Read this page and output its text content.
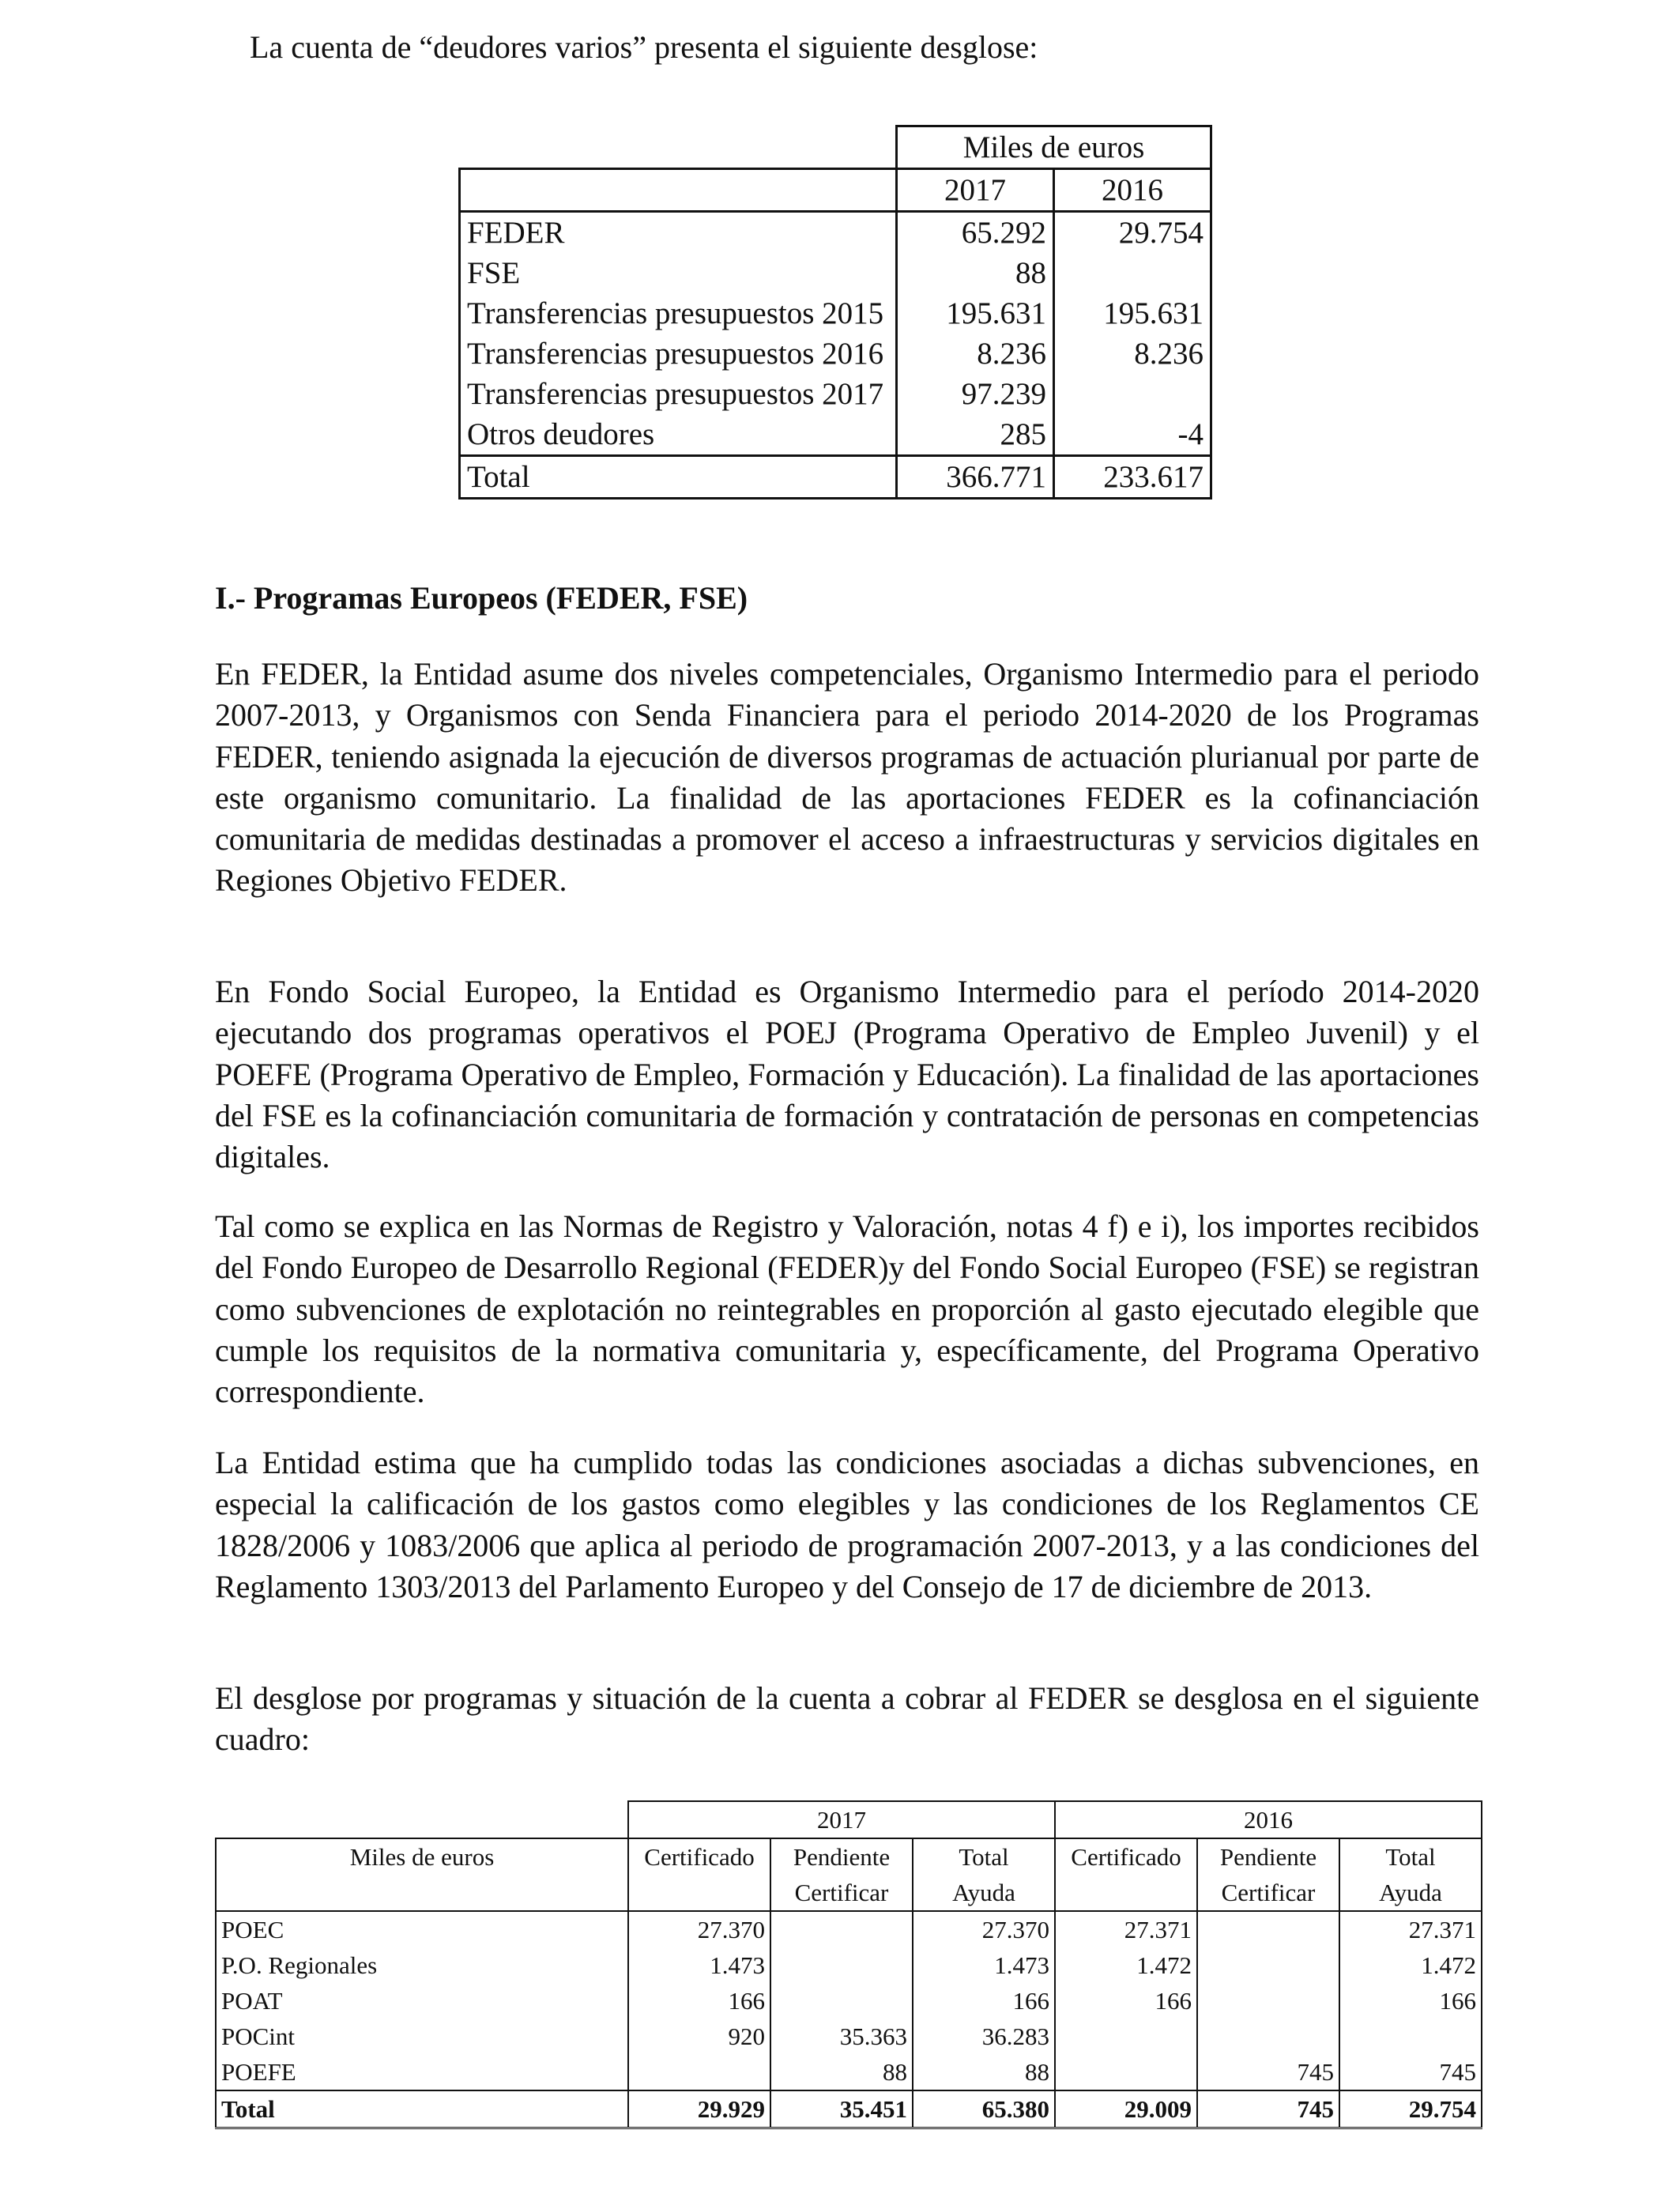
La cuenta de “deudores varios” presenta el siguiente desglose:
	Miles de euros	
	2017	2016
FEDER	65.292	29.754
FSE	88	
Transferencias presupuestos 2015	195.631	195.631
Transferencias presupuestos 2016	8.236	8.236
Transferencias presupuestos 2017	97.239	
Otros deudores	285	-4
Total	366.771	233.617
I.- Programas Europeos (FEDER, FSE)

En FEDER, la Entidad asume dos niveles competenciales, Organismo Intermedio para el periodo 2007-2013, y Organismos con Senda Financiera para el periodo 2014-2020 de los Programas FEDER, teniendo asignada la ejecución de diversos programas de actuación plurianual por parte de este organismo comunitario. La finalidad de las aportaciones FEDER es la cofinanciación comunitaria de medidas destinadas a promover el acceso a infraestructuras y servicios digitales en Regiones Objetivo FEDER.

En Fondo Social Europeo, la Entidad es Organismo Intermedio para el período 2014-2020 ejecutando dos programas operativos el POEJ (Programa Operativo de Empleo Juvenil) y el POEFE (Programa Operativo de Empleo, Formación y Educación). La finalidad de las aportaciones del FSE es la cofinanciación comunitaria de formación y contratación de personas en competencias digitales.

Tal como se explica en las Normas de Registro y Valoración, notas 4 f) e i), los importes recibidos del Fondo Europeo de Desarrollo Regional (FEDER)y del Fondo Social Europeo (FSE) se registran como subvenciones de explotación no reintegrables en proporción al gasto ejecutado elegible que cumple los requisitos de la normativa comunitaria y, específicamente, del Programa Operativo correspondiente.

La Entidad estima que ha cumplido todas las condiciones asociadas a dichas subvenciones, en especial la calificación de los gastos como elegibles y las condiciones de los Reglamentos CE 1828/2006 y 1083/2006 que aplica al periodo de programación 2007-2013, y a las condiciones del Reglamento 1303/2013 del Parlamento Europeo y del Consejo de 17 de diciembre de 2013.

El desglose por programas y situación de la cuenta a cobrar al FEDER se desglosa en el siguiente cuadro:

	2017			2016		
Miles de euros	Certificado	Pendiente	Total	Certificado	Pendiente	Total
		Certificar	Ayuda		Certificar	Ayuda
POEC	27.370		27.370	27.371		27.371
P.O. Regionales	1.473		1.473	1.472		1.472
POAT	166		166	166		166
POCint	920	35.363	36.283			
POEFE		88	88		745	745
Total	29.929	35.451	65.380	29.009	745	29.754
